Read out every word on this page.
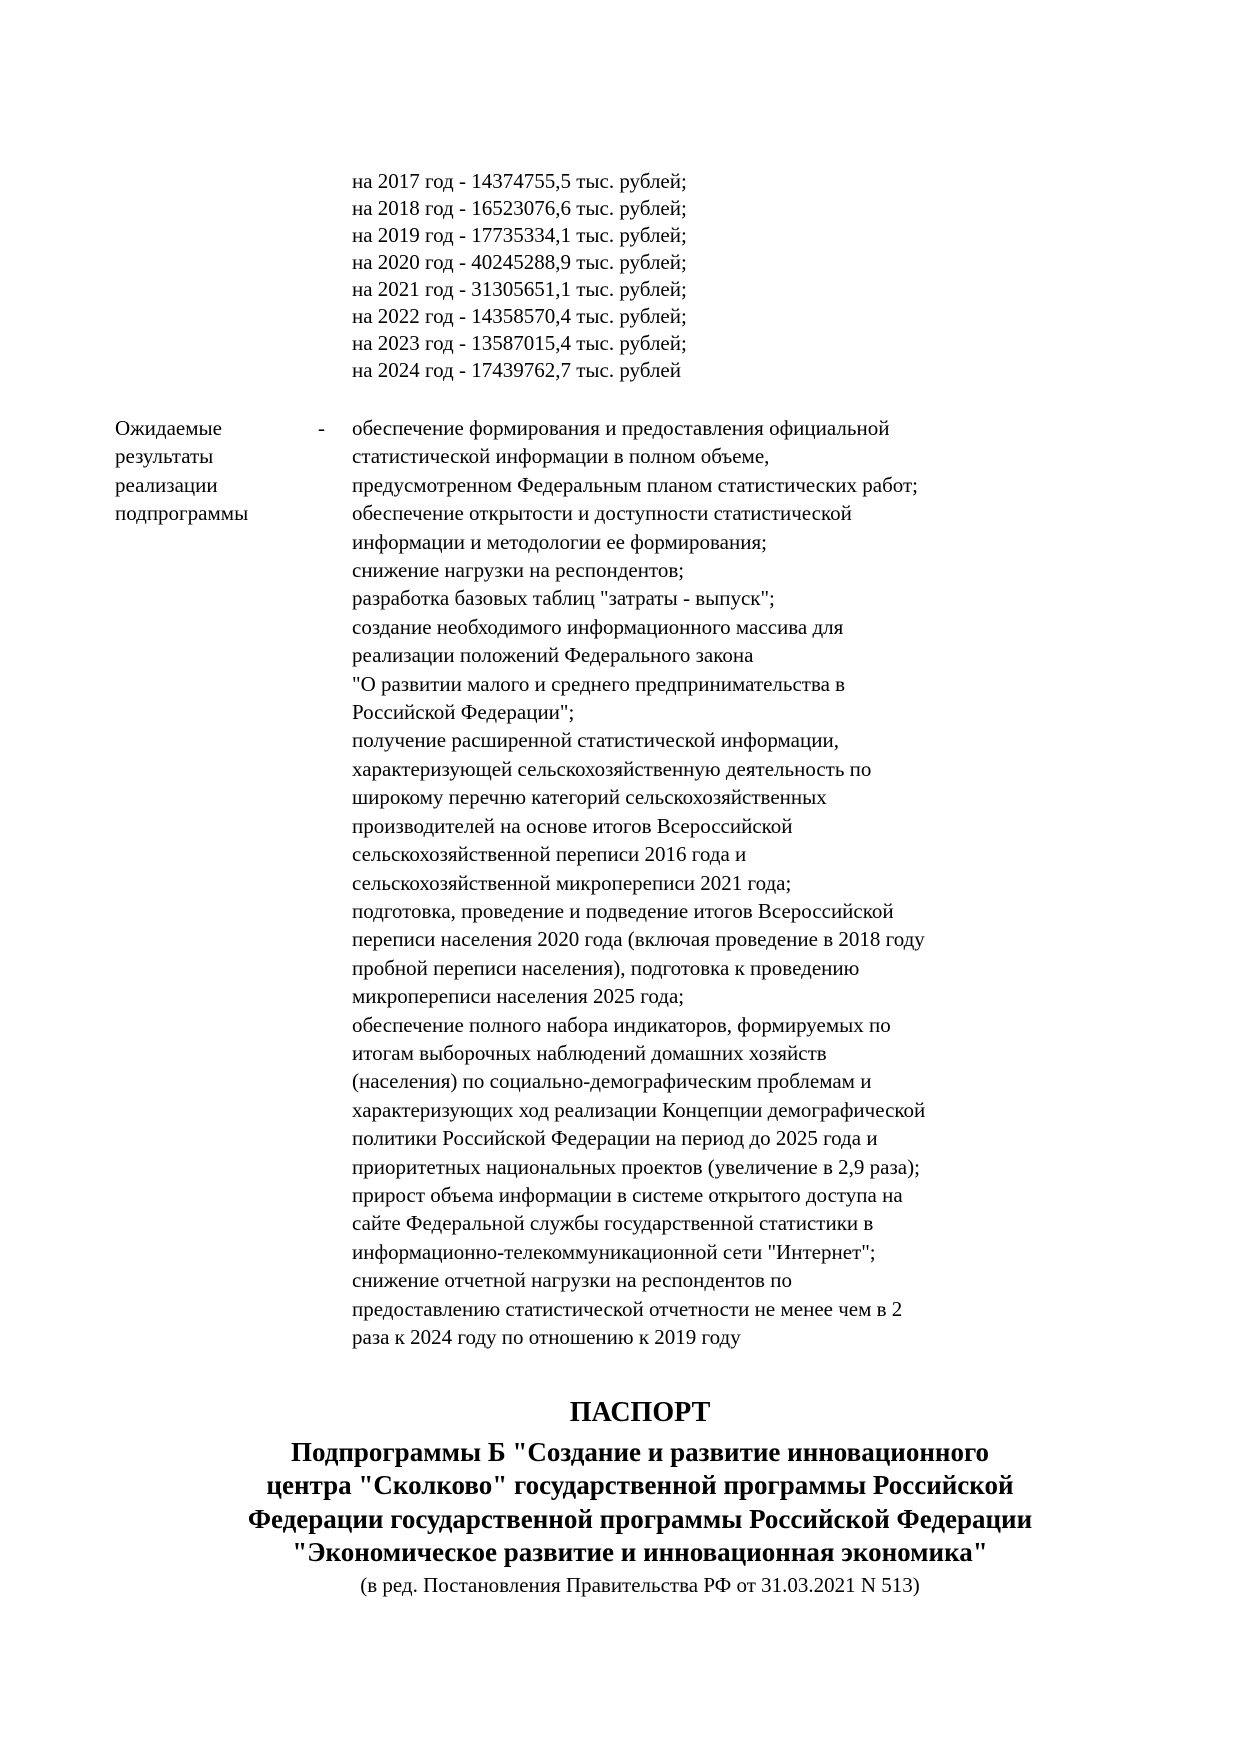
на 2017 год - 14374755,5 тыс. рублей;
на 2018 год - 16523076,6 тыс. рублей;
на 2019 год - 17735334,1 тыс. рублей;
на 2020 год - 40245288,9 тыс. рублей;
на 2021 год - 31305651,1 тыс. рублей;
на 2022 год - 14358570,4 тыс. рублей;
на 2023 год - 13587015,4 тыс. рублей;
на 2024 год - 17439762,7 тыс. рублей
Ожидаемые
результаты
реализации
подпрограммы
- обеспечение формирования и предоставления официальной
статистической информации в полном объеме,
предусмотренном Федеральным планом статистических работ;
обеспечение открытости и доступности статистической
информации и методологии ее формирования;
снижение нагрузки на респондентов;
разработка базовых таблиц "затраты - выпуск";
создание необходимого информационного массива для
реализации положений Федерального закона
"О развитии малого и среднего предпринимательства в
Российской Федерации";
получение расширенной статистической информации,
характеризующей сельскохозяйственную деятельность по
широкому перечню категорий сельскохозяйственных
производителей на основе итогов Всероссийской
сельскохозяйственной переписи 2016 года и
сельскохозяйственной микропереписи 2021 года;
подготовка, проведение и подведение итогов Всероссийской
переписи населения 2020 года (включая проведение в 2018 году
пробной переписи населения), подготовка к проведению
микропереписи населения 2025 года;
обеспечение полного набора индикаторов, формируемых по
итогам выборочных наблюдений домашних хозяйств
(населения) по социально-демографическим проблемам и
характеризующих ход реализации Концепции демографической
политики Российской Федерации на период до 2025 года и
приоритетных национальных проектов (увеличение в 2,9 раза);
прирост объема информации в системе открытого доступа на
сайте Федеральной службы государственной статистики в
информационно-телекоммуникационной сети "Интернет";
снижение отчетной нагрузки на респондентов по
предоставлению статистической отчетности не менее чем в 2
раза к 2024 году по отношению к 2019 году
ПАСПОРТ
Подпрограммы Б "Создание и развитие инновационного
центра "Сколково" государственной программы Российской
Федерации государственной программы Российской Федерации
"Экономическое развитие и инновационная экономика"
(в ред. Постановления Правительства РФ от 31.03.2021 N 513)
